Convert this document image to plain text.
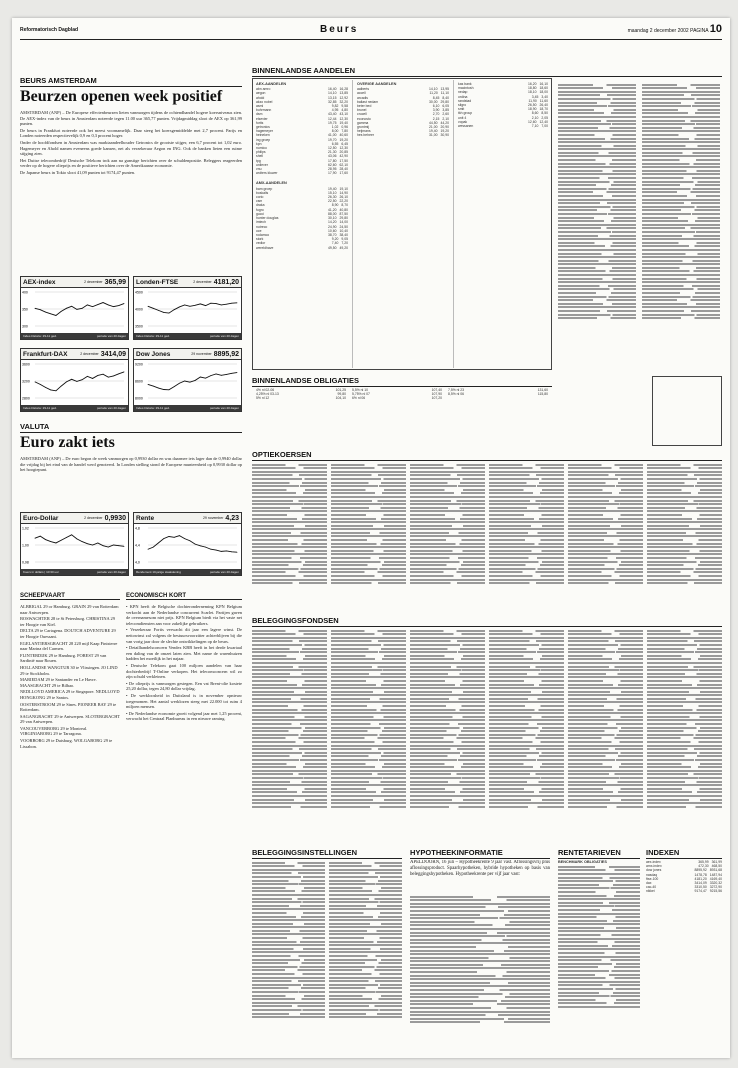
Reformatorisch Dagblad	Beurs	maandag 2 december 2002 PAGINA 10
BEURS AMSTERDAM
Beurzen openen week positief

AMSTERDAM (ANP) – De Europese effectenbeurzen lieten vanmorgen tijdens de ochtendhandel hogere koersniveaus zien. De AEX-index van de beurs in Amsterdam noteerde tegen 11.00 uur 365,77 punten. Vrijdagmiddag sloot de AEX op 361,99 punten.

De beurs in Frankfurt noteerde ook het meest voornamelijk. Daar steeg het koersgemiddelde met 2,7 procent. Parijs en Londen noteerden respectievelijk 0,9 en 0,3 procent hoger.

Onder de hoofdfondsen in Amsterdam was marktaandeelhouder Getronics de grootste stijger, een 6,7 procent tot 1,02 euro. Hagemeyer en Ahold namen eveneens goede kansen, net als verzekeraar Aegon en ING. Ook de banken lieten een ruime stijging zien.

Het Duitse telecombedrijf Deutsche Telekom trok aan na gunstige berichten over de schuldenpositie. Beleggers reageerden verder op de hogere olieprijs en de positieve berichten over de Amerikaanse economie.

De Japanse beurs in Tokio sloot 41,09 punten tot 9174,47 punten.

AEX-index	2 december 365,99
400
350
300
Index-historie: 29-11 ged.	periode van 20 dagen
Londen-FTSE	2 december 4181,20
4500
4000
3500
Index-historie: 29-11 ged.	periode van 20 dagen
Frankfurt-DAX	2 december 3414,09
3600
3200
2800
Index-historie: 29-11 ged.	periode van 20 dagen
Dow Jones	29 november 8895,92
9200
8600
8000
Index-historie: 29-11 ged.	periode van 20 dagen
VALUTA
Euro zakt iets

AMSTERDAM (ANP) – De euro begon de week vanmorgen op 0,9930 dollar en was daarmee iets lager dan de 0,9940 dollar die vrijdag bij het eind van de handel werd genoteerd. In Londen stelling stond de Europese munteenheid op 0,9930 dollar op het hoogtepunt.

Euro-Dollar	2 december 0,9930
1,02
1,00
0,98
Koers in dollars | 10:30 uur	periode van 20 dagen
Rente	29 november 4,23
4,8
4,4
4,0
Rendement 10-jarige staatslening	periode van 20 dagen
SCHEEPVAART

ALBRIGAL 29 or Hamburg. GRAIN 29 van Rotterdam naar Antwerpen.

BOSWACHTER 28 te St Petersburg. CHRISTINA 29 ter Hoogte van Kiel.

DELTA 29 te Cartagena. DOUTCH ADVENTURE 29 ter Hoogte Ouessant.

EGELANTIERSGRACHT 28 220 mijl Kaap Finisterre naar Marina del Carmen.

FLINTERDIJK 29 te Hamburg. FOREST 29 van Sardinië naar Rouen.

HOLLANDSE WANGTUR 30 te Vlissingen. JO LIND 29 te Stockholm.

MARIEDAM 29 te Santander en Le Havre. MAASGRACHT 29 te Bilbao.

NEDLLOYD AMERICA 29 te Singapore. NEDLLOYD HONGKONG 29 te Santos.

OOSTERSTROOM 29 te Sines. PIONEER BAY 29 te Rotterdam.

SAGANGRACHT 29 te Antwerpen. SLOTERGRACHT 29 van Antwerpen.

VANCOUVERBORG 29 te Montreal. VIRGINIABORG 29 te Tarragona.

VOORBORG 29 te Duisburg. WOLGABORG 29 te Lissabon.

ECONOMISCH KORT

• KPN heeft de Belgische dochteronderneming KPN Belgium verkocht aan de Nederlandse concurrent Scarlet. Partijen gaven de overnamesom niet prijs. KPN Belgium biedt via het vaste net telecomdiensten aan voor zakelijke gebruikers.

• Verzekeraar Fortis verwacht dit jaar een lagere winst. De nettowinst zal volgens de bestuursvoorzitter achterblijven bij die van vorig jaar door de slechte ontwikkelingen op de beurs.

• Detailhandelsconcern Vendex KBB heeft in het derde kwartaal een daling van de omzet laten zien. Met name de warenhuizen hadden het moeilijk in het najaar.

• Deutsche Telekom gaat 100 miljoen aandelen van haar dochterbedrijf T-Online verkopen. Het telecomconcern wil zo zijn schuld verkleinen.

• De olieprijs is vanmorgen gestegen. Een vat Brent-olie kostete 25,20 dollar, tegen 24,80 dollar vrijdag.

• De werkloosheid in Duitsland is in november opnieuw toegenomen. Het aantal werklozen steeg met 22.000 tot ruim 4 miljoen mensen.

• De Nederlandse economie groeit volgend jaar met 1,25 procent, verwacht het Centraal Planbureau in een nieuwe raming.

BINNENLANDSE AANDELEN
AEX-AANDELEN
abn amro	16,40 16,28
aegon	14,10 13,85
ahold	13,15 12,92
akzo nobel	32,85 32,20
asml	9,82 9,58
buhrmann	4,95 4,80
dsm	43,40 43,10
elsevier	12,44 12,30
fortis	19,75 19,40
getronics	1,02 0,96
hagemeyer	8,00 7,80
heineken	41,00 40,60
ing groep	19,70 19,20
kpn	6,55 6,45
numico	12,50 12,30
philips	21,30 20,85
shell	43,06 42,90
tpg	17,80 17,50
unilever	62,60 62,10
vnu	28,95 28,40
wolters kluwer	17,90 17,60
AMX-AANDELEN
bam groep	19,40 19,10
boskalis	15,10 14,90
corio	26,30 26,10
csm	22,50 22,20
draka	8,90 8,70
fugro	41,20 40,80
gucci	88,00 87,50
hunter douglas	30,10 29,80
imtech	14,20 14,00
nutreco	24,90 24,50
oce	10,60 10,40
rodamco	38,70 38,40
stork	9,20 9,05
vedior	7,40 7,20
wereldhave	49,50 49,20
OVERIGE AANDELEN
aalberts	14,10 13,95
accell	11,20 11,10
arcadis	8,45 8,40
ballast nedam	30,00 29,80
beter bed	6,10 6,05
brunel	3,90 3,85
crucell	2,70 2,60
econosto	2,15 2,10
gamma	44,50 44,20
grontmij	21,00 20,90
heijmans	19,40 19,20
hes beheer	31,00 30,90
kas bank	16,20 16,10
macintosh	18,80 18,60
nedap	18,10 18,00
ordina	3,45 3,40
randstad	11,90 11,60
sligro	26,50 26,40
smit	18,90 18,70
tkh group	8,60 8,50
unit 4	2,10 2,05
vopak	12,60 12,40
wessanen	7,10 7,00
BINNENLANDSE OBLIGATIES
4% nl 02-06	101,25
4,25% nl 03-13	99,80
5% nl 12	104,10
5,5% nl 10	107,40
5,75% nl 07	107,90
6% nl 06	107,20
7,5% nl 23	131,60
8,5% nl 06	115,80
OPTIEKOERSEN
BELEGGINGSFONDSEN
BELEGGINGSINSTELLINGEN	HYPOTHEEKINFORMATIE
APELDOORN, 16 juli – Hypotheekrente 9 jaar vast. Aflossingsvrij plus aflossingsproduct. Spaarhypotheken, hybride hypotheken op basis van beleggingshypotheken. Hypotheekrente per vijf jaar vast:
RENTETARIEVEN
BENCHMARK OBLIGATIES
INDEXEN
aex-index	365,99 361,99
amx-index	472,30 468,50
dow jones	8895,92 8931,68
nasdaq	1478,78 1487,94
ftse-100	4181,20 4169,40
dax	3414,09 3320,32
cac-40	3310,50 3272,90
nikkei	9174,47 9215,56
